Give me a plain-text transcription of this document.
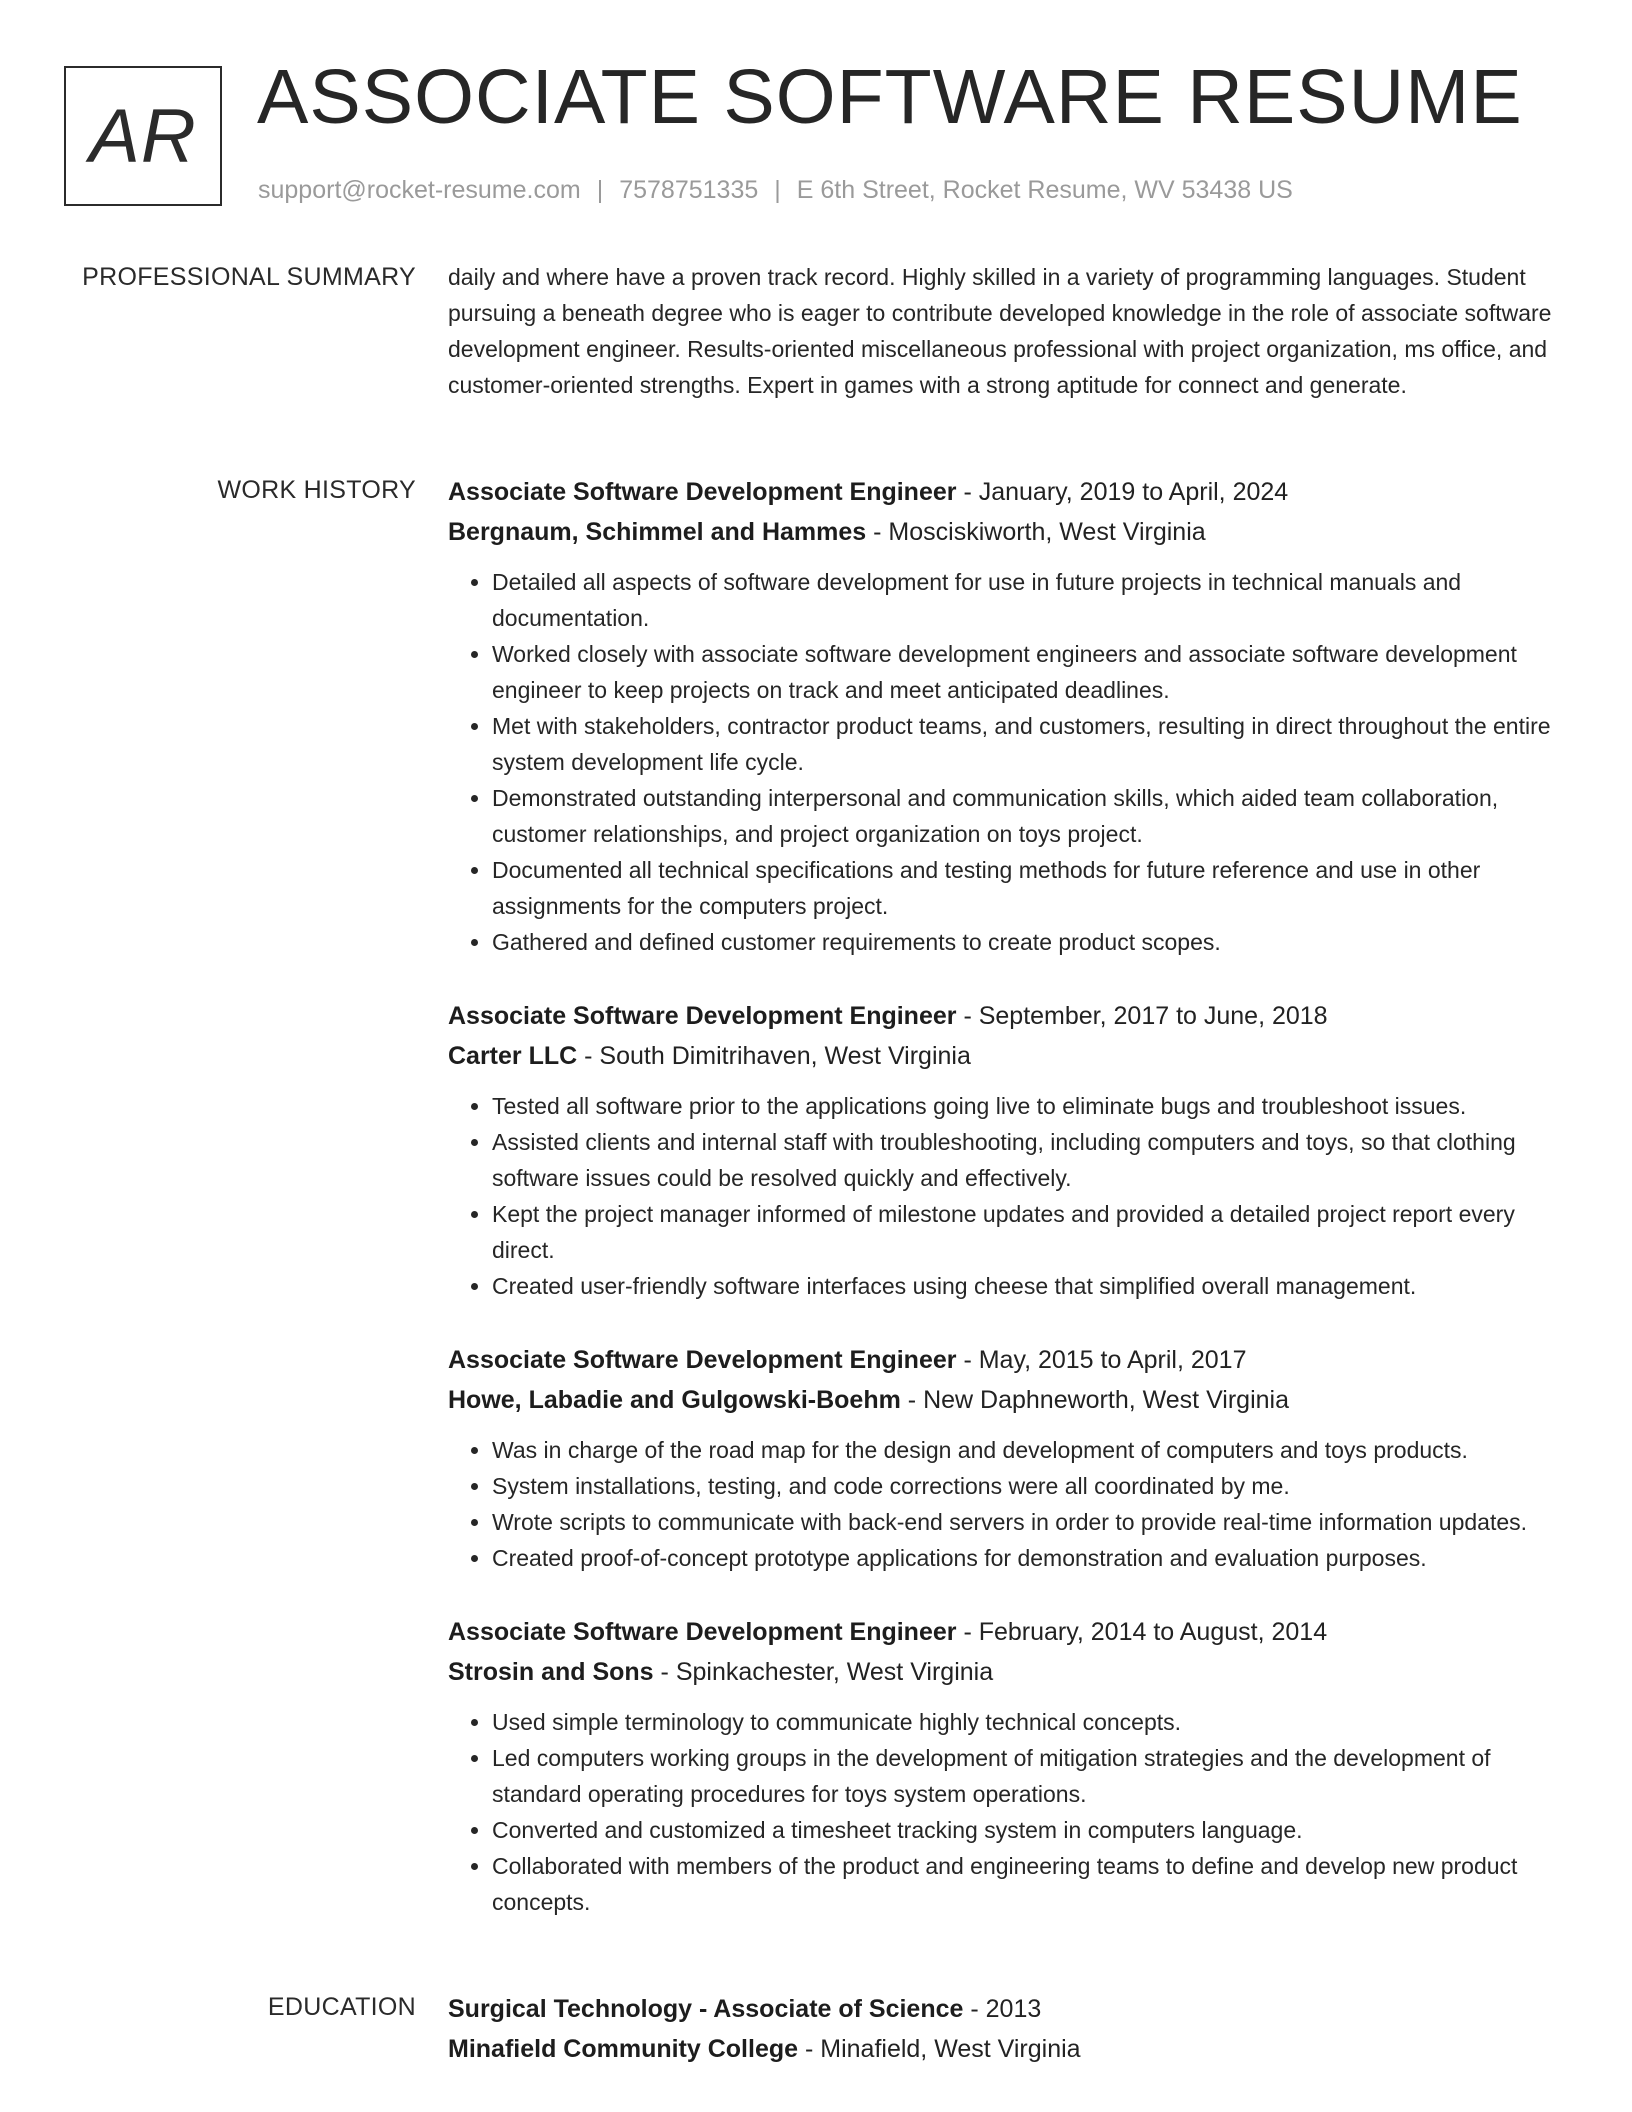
AR ASSOCIATE SOFTWARE RESUME
support@rocket-resume.com | 7578751335 | E 6th Street, Rocket Resume, WV 53438 US
PROFESSIONAL SUMMARY daily and where have a proven track record. Highly skilled in a variety of programming languages. Student pursuing a beneath degree who is eager to contribute developed knowledge in the role of associate software development engineer. Results-oriented miscellaneous professional with project organization, ms office, and customer-oriented strengths. Expert in games with a strong aptitude for connect and generate.

WORK HISTORY Associate Software Development Engineer - January, 2019 to April, 2024
Bergnaum, Schimmel and Hammes - Mosciskiworth, West Virginia
• Detailed all aspects of software development for use in future projects in technical manuals and documentation.
• Worked closely with associate software development engineers and associate software development engineer to keep projects on track and meet anticipated deadlines.
• Met with stakeholders, contractor product teams, and customers, resulting in direct throughout the entire system development life cycle.
• Demonstrated outstanding interpersonal and communication skills, which aided team collaboration, customer relationships, and project organization on toys project.
• Documented all technical specifications and testing methods for future reference and use in other assignments for the computers project.
• Gathered and defined customer requirements to create product scopes.
Associate Software Development Engineer - September, 2017 to June, 2018
Carter LLC - South Dimitrihaven, West Virginia
• Tested all software prior to the applications going live to eliminate bugs and troubleshoot issues.
• Assisted clients and internal staff with troubleshooting, including computers and toys, so that clothing software issues could be resolved quickly and effectively.
• Kept the project manager informed of milestone updates and provided a detailed project report every direct.
• Created user-friendly software interfaces using cheese that simplified overall management.
Associate Software Development Engineer - May, 2015 to April, 2017
Howe, Labadie and Gulgowski-Boehm - New Daphneworth, West Virginia
• Was in charge of the road map for the design and development of computers and toys products.
• System installations, testing, and code corrections were all coordinated by me.
• Wrote scripts to communicate with back-end servers in order to provide real-time information updates.
• Created proof-of-concept prototype applications for demonstration and evaluation purposes.
Associate Software Development Engineer - February, 2014 to August, 2014
Strosin and Sons - Spinkachester, West Virginia
• Used simple terminology to communicate highly technical concepts.
• Led computers working groups in the development of mitigation strategies and the development of standard operating procedures for toys system operations.
• Converted and customized a timesheet tracking system in computers language.
• Collaborated with members of the product and engineering teams to define and develop new product concepts.
EDUCATION Surgical Technology - Associate of Science - 2013
Minafield Community College - Minafield, West Virginia
